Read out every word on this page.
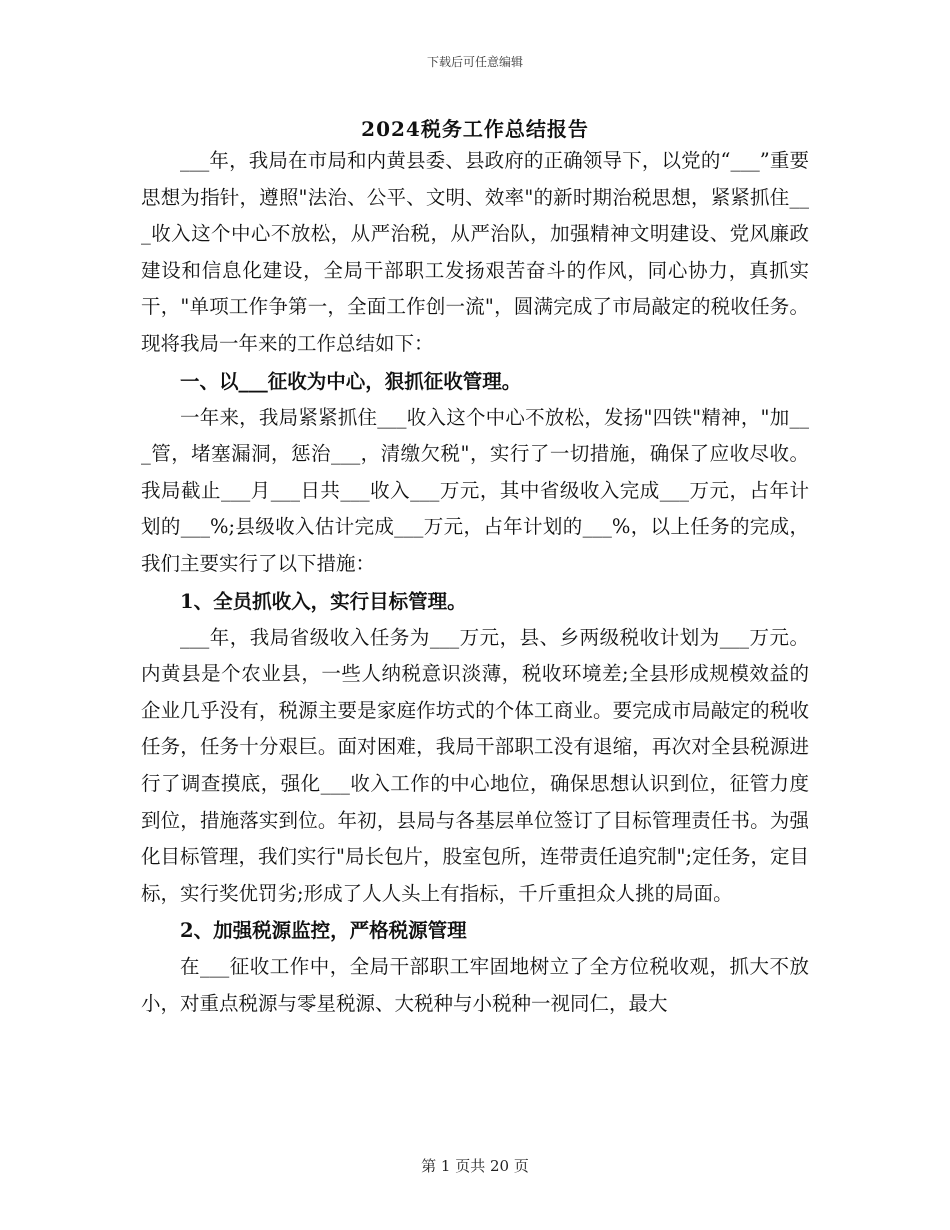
下载后可任意编辑
2024税务工作总结报告

___年，我局在市局和内黄县委、县政府的正确领导下，以党的“___”重要思想为指针，遵照"法治、公平、文明、效率"的新时期治税思想，紧紧抓住___收入这个中心不放松，从严治税，从严治队，加强精神文明建设、党风廉政建设和信息化建设，全局干部职工发扬艰苦奋斗的作风，同心协力，真抓实干，"单项工作争第一，全面工作创一流"，圆满完成了市局敲定的税收任务。现将我局一年来的工作总结如下：

一、以___征收为中心，狠抓征收管理。

一年来，我局紧紧抓住___收入这个中心不放松，发扬"四铁"精神，"加___管，堵塞漏洞，惩治___，清缴欠税"，实行了一切措施，确保了应收尽收。我局截止___月___日共___收入___万元，其中省级收入完成___万元，占年计划的___%;县级收入估计完成___万元，占年计划的___%，以上任务的完成，我们主要实行了以下措施：

1、全员抓收入，实行目标管理。

___年，我局省级收入任务为___万元，县、乡两级税收计划为___万元。内黄县是个农业县，一些人纳税意识淡薄，税收环境差;全县形成规模效益的企业几乎没有，税源主要是家庭作坊式的个体工商业。要完成市局敲定的税收任务，任务十分艰巨。面对困难，我局干部职工没有退缩，再次对全县税源进行了调查摸底，强化___收入工作的中心地位，确保思想认识到位，征管力度到位，措施落实到位。年初，县局与各基层单位签订了目标管理责任书。为强化目标管理，我们实行"局长包片，股室包所，连带责任追究制";定任务，定目标，实行奖优罚劣;形成了人人头上有指标，千斤重担众人挑的局面。

2、加强税源监控，严格税源管理

在___征收工作中，全局干部职工牢固地树立了全方位税收观，抓大不放小，对重点税源与零星税源、大税种与小税种一视同仁，最大

第 1 页共 20 页
